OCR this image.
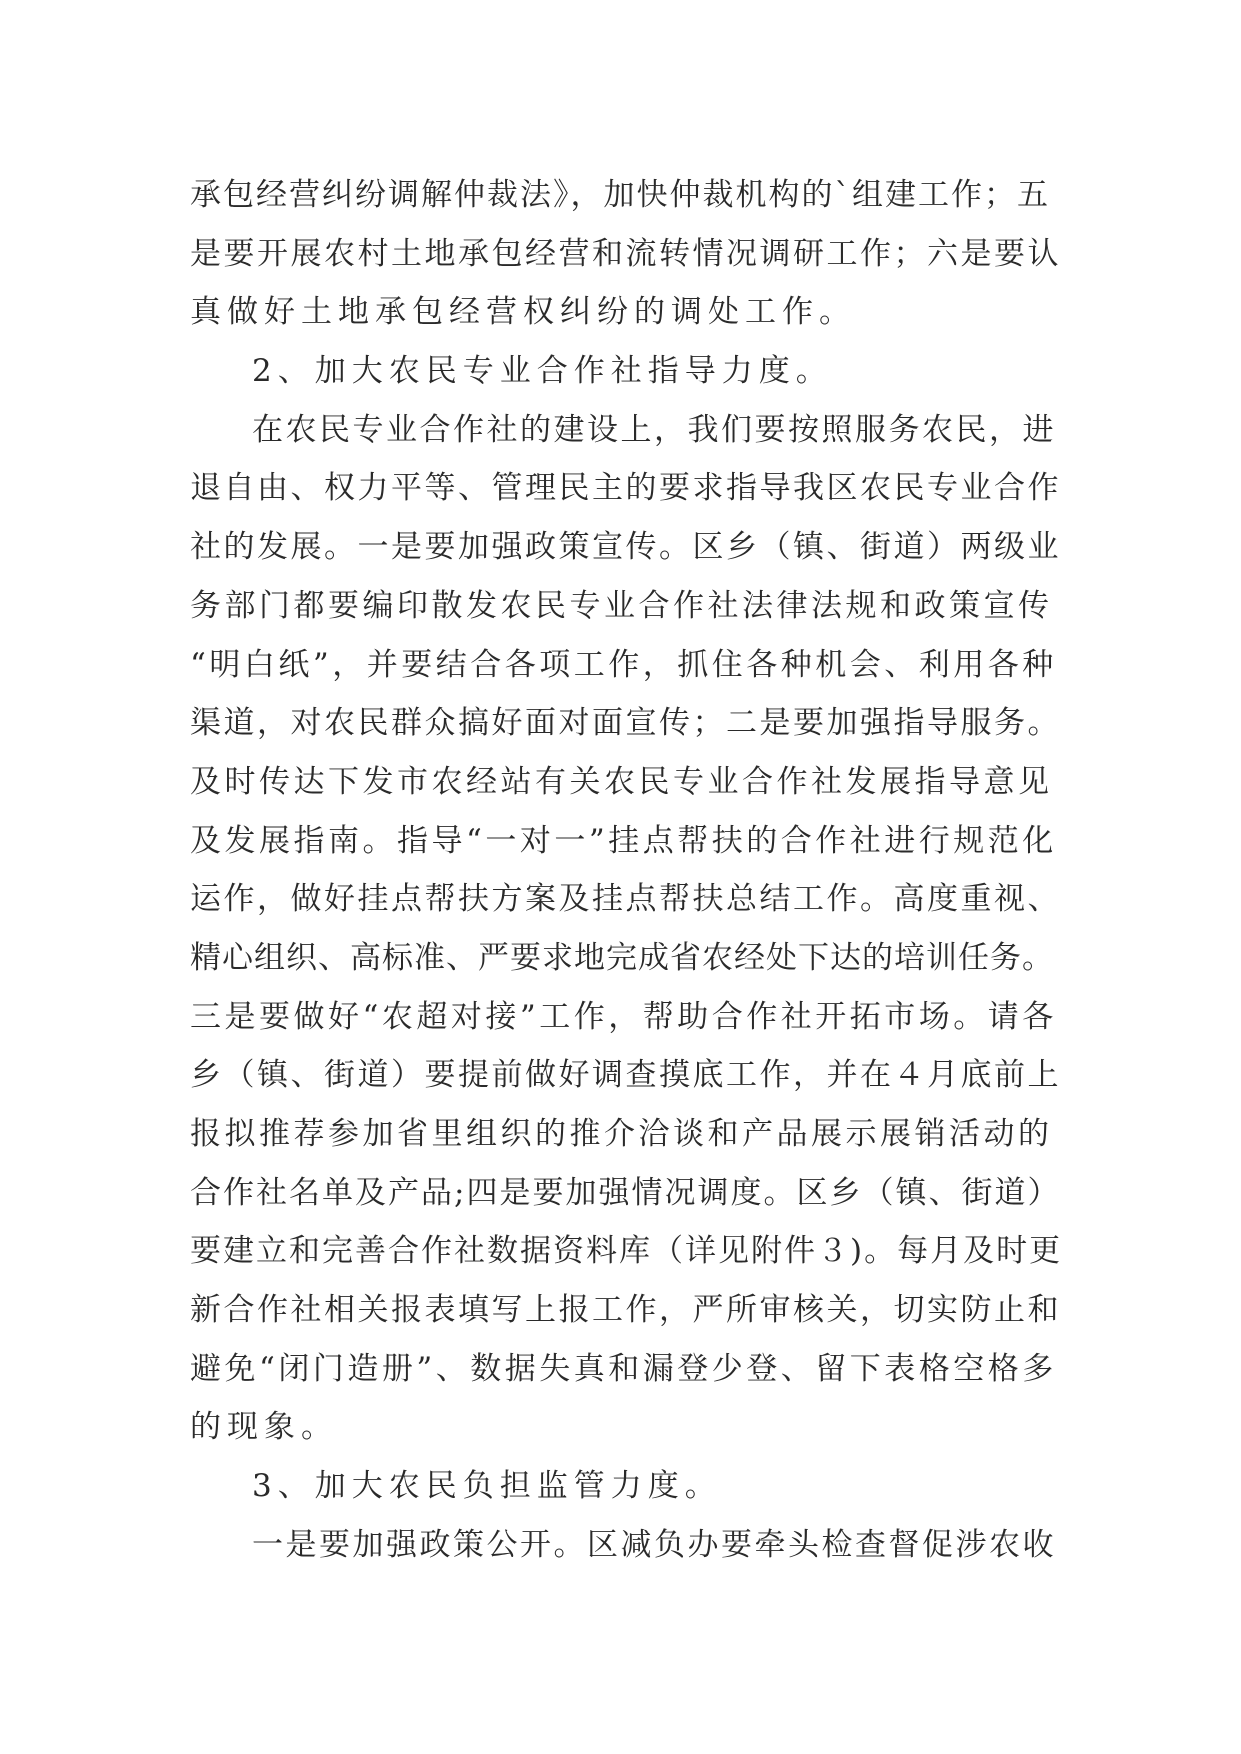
承包经营纠纷调解仲裁法》，加快仲裁机构的`组建工作；五
是要开展农村土地承包经营和流转情况调研工作；六是要认
真做好土地承包经营权纠纷的调处工作。
2、加大农民专业合作社指导力度。
在农民专业合作社的建设上，我们要按照服务农民，进
退自由、权力平等、管理民主的要求指导我区农民专业合作
社的发展。一是要加强政策宣传。区乡（镇、街道）两级业
务部门都要编印散发农民专业合作社法律法规和政策宣传
“明白纸”，并要结合各项工作，抓住各种机会、利用各种
渠道，对农民群众搞好面对面宣传；二是要加强指导服务。
及时传达下发市农经站有关农民专业合作社发展指导意见
及发展指南。指导“一对一”挂点帮扶的合作社进行规范化
运作，做好挂点帮扶方案及挂点帮扶总结工作。高度重视、
精心组织、高标准、严要求地完成省农经处下达的培训任务。
三是要做好“农超对接”工作，帮助合作社开拓市场。请各
乡（镇、街道）要提前做好调查摸底工作，并在４月底前上
报拟推荐参加省里组织的推介洽谈和产品展示展销活动的
合作社名单及产品;四是要加强情况调度。区乡（镇、街道）
要建立和完善合作社数据资料库（详见附件３)。每月及时更
新合作社相关报表填写上报工作，严所审核关，切实防止和
避免“闭门造册”、数据失真和漏登少登、留下表格空格多
的现象。
3、加大农民负担监管力度。
一是要加强政策公开。区减负办要牵头检查督促涉农收
